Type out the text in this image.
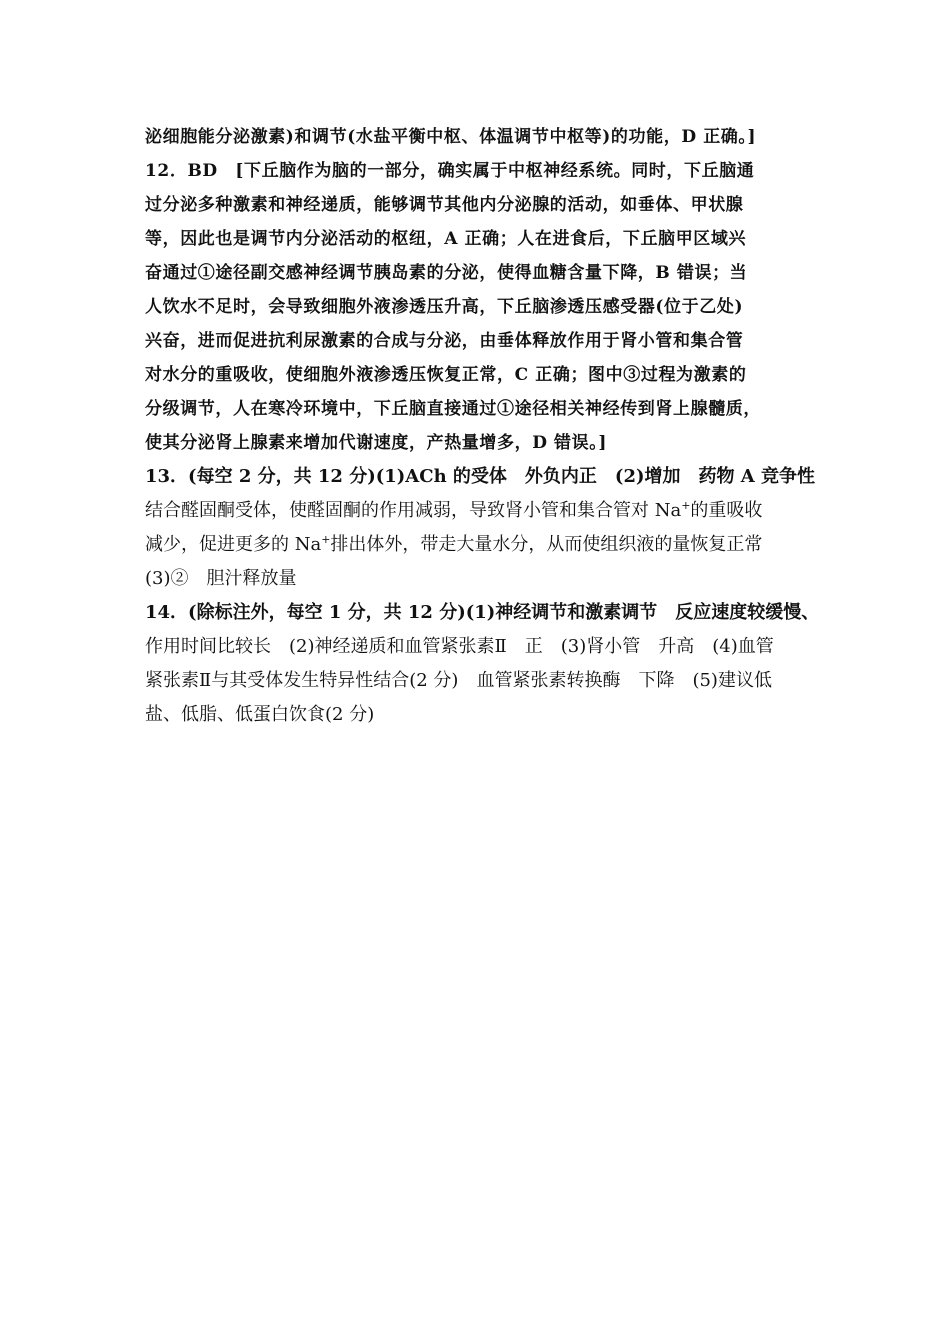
泌细胞能分泌激素)和调节(水盐平衡中枢、体温调节中枢等)的功能，D 正确。]
12．BD　[下丘脑作为脑的一部分，确实属于中枢神经系统。同时，下丘脑通
过分泌多种激素和神经递质，能够调节其他内分泌腺的活动，如垂体、甲状腺
等，因此也是调节内分泌活动的枢纽，A 正确；人在进食后，下丘脑甲区域兴
奋通过①途径副交感神经调节胰岛素的分泌，使得血糖含量下降，B 错误；当
人饮水不足时，会导致细胞外液渗透压升高，下丘脑渗透压感受器(位于乙处)
兴奋，进而促进抗利尿激素的合成与分泌，由垂体释放作用于肾小管和集合管
对水分的重吸收，使细胞外液渗透压恢复正常，C 正确；图中③过程为激素的
分级调节，人在寒冷环境中，下丘脑直接通过①途径相关神经传到肾上腺髓质，
使其分泌肾上腺素来增加代谢速度，产热量增多，D 错误。]
13．(每空 2 分，共 12 分)(1)ACh 的受体　外负内正　(2)增加　药物 A 竞争性
结合醛固酮受体，使醛固酮的作用减弱，导致肾小管和集合管对 Na+的重吸收
减少，促进更多的 Na+排出体外，带走大量水分，从而使组织液的量恢复正常
(3)②　胆汁释放量
14．(除标注外，每空 1 分，共 12 分)(1)神经调节和激素调节　反应速度较缓慢、
作用时间比较长　(2)神经递质和血管紧张素Ⅱ　正　(3)肾小管　升高　(4)血管
紧张素Ⅱ与其受体发生特异性结合(2 分)　血管紧张素转换酶　下降　(5)建议低
盐、低脂、低蛋白饮食(2 分)
